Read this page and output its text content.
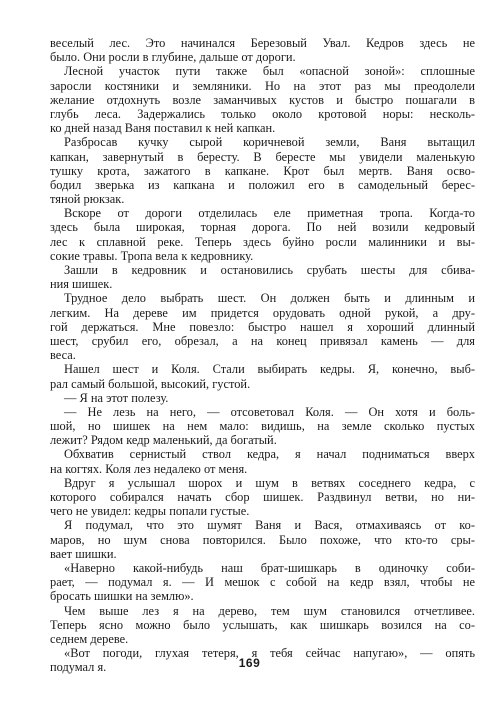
веселый лес. Это начинался Березовый Увал. Кедров здесь не
было. Они росли в глубине, дальше от дороги.
Лесной участок пути также был «опасной зоной»: сплошные
заросли костяники и земляники. Но на этот раз мы преодолели
желание отдохнуть возле заманчивых кустов и быстро пошагали в
глубь леса. Задержались только около кротовой норы: несколь-
ко дней назад Ваня поставил к ней капкан.
Разбросав кучку сырой коричневой земли, Ваня вытащил
капкан, завернутый в бересту. В бересте мы увидели маленькую
тушку крота, зажатого в капкане. Крот был мертв. Ваня осво-
бодил зверька из капкана и положил его в самодельный берес-
тяной рюкзак.
Вскоре от дороги отделилась еле приметная тропа. Когда-то
здесь была широкая, торная дорога. По ней возили кедровый
лес к сплавной реке. Теперь здесь буйно росли малинники и вы-
сокие травы. Тропа вела к кедровнику.
Зашли в кедровник и остановились срубать шесты для сбива-
ния шишек.
Трудное дело выбрать шест. Он должен быть и длинным и
легким. На дереве им придется орудовать одной рукой, а дру-
гой держаться. Мне повезло: быстро нашел я хороший длинный
шест, срубил его, обрезал, а на конец привязал камень — для
веса.
Нашел шест и Коля. Стали выбирать кедры. Я, конечно, выб-
рал самый большой, высокий, густой.
— Я на этот полезу.
— Не лезь на него, — отсоветовал Коля. — Он хотя и боль-
шой, но шишек на нем мало: видишь, на земле сколько пустых
лежит? Рядом кедр маленький, да богатый.
Обхватив сернистый ствол кедра, я начал подниматься вверх
на когтях. Коля лез недалеко от меня.
Вдруг я услышал шорох и шум в ветвях соседнего кедра, с
которого собирался начать сбор шишек. Раздвинул ветви, но ни-
чего не увидел: кедры попали густые.
Я подумал, что это шумят Ваня и Вася, отмахиваясь от ко-
маров, но шум снова повторился. Было похоже, что кто-то сры-
вает шишки.
«Наверно какой-нибудь наш брат-шишкарь в одиночку соби-
рает, — подумал я. — И мешок с собой на кедр взял, чтобы не
бросать шишки на землю».
Чем выше лез я на дерево, тем шум становился отчетливее.
Теперь ясно можно было услышать, как шишкарь возился на со-
седнем дереве.
«Вот погоди, глухая тетеря, я тебя сейчас напугаю», — опять
подумал я.	169
